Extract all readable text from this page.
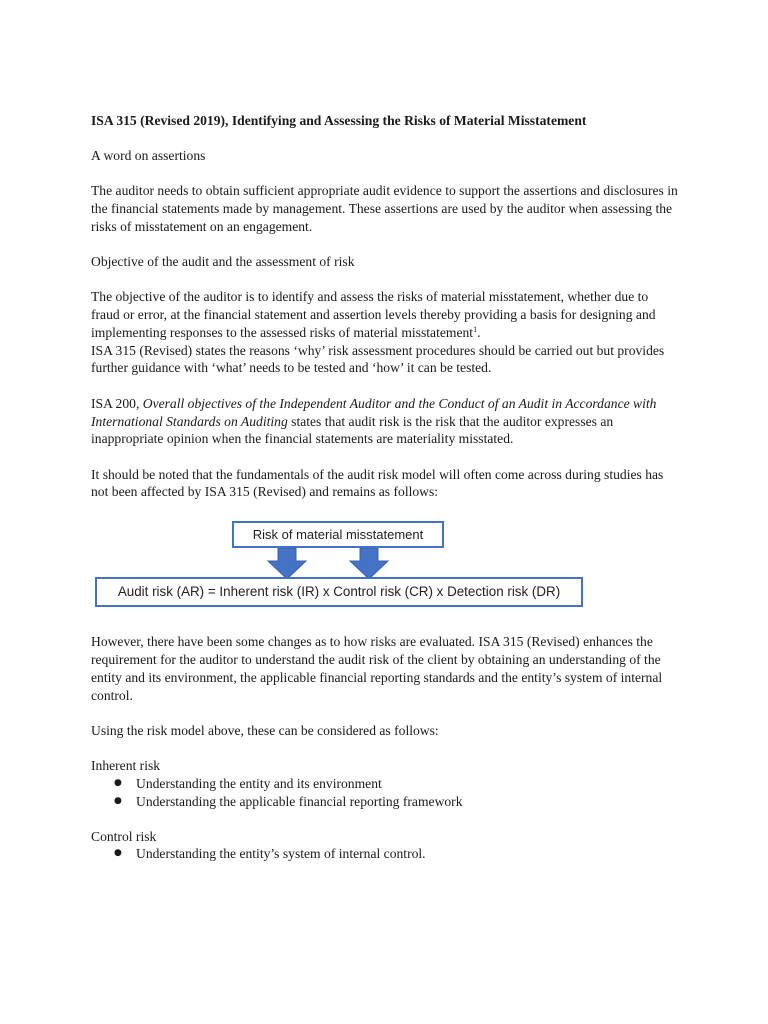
ISA 315 (Revised 2019), Identifying and Assessing the Risks of Material Misstatement

A word on assertions

The auditor needs to obtain sufficient appropriate audit evidence to support the assertions and disclosures in the financial statements made by management. These assertions are used by the auditor when assessing the risks of misstatement on an engagement.

Objective of the audit and the assessment of risk

The objective of the auditor is to identify and assess the risks of material misstatement, whether due to fraud or error, at the financial statement and assertion levels thereby providing a basis for designing and implementing responses to the assessed risks of material misstatement$^1$.

ISA 315 (Revised) states the reasons ‘why’ risk assessment procedures should be carried out but provides further guidance with ‘what’ needs to be tested and ‘how’ it can be tested.

ISA 200, Overall objectives of the Independent Auditor and the Conduct of an Audit in Accordance with International Standards on Auditing states that audit risk is the risk that the auditor expresses an inappropriate opinion when the financial statements are materiality misstated.

It should be noted that the fundamentals of the audit risk model will often come across during studies has not been affected by ISA 315 (Revised) and remains as follows:

Risk of material misstatement
Audit risk (AR) = Inherent risk (IR) x Control risk (CR) x Detection risk (DR)

However, there have been some changes as to how risks are evaluated. ISA 315 (Revised) enhances the requirement for the auditor to understand the audit risk of the client by obtaining an understanding of the entity and its environment, the applicable financial reporting standards and the entity’s system of internal control.

Using the risk model above, these can be considered as follows:

Inherent risk

● Understanding the entity and its environment
● Understanding the applicable financial reporting framework

Control risk

● Understanding the entity’s system of internal control.
